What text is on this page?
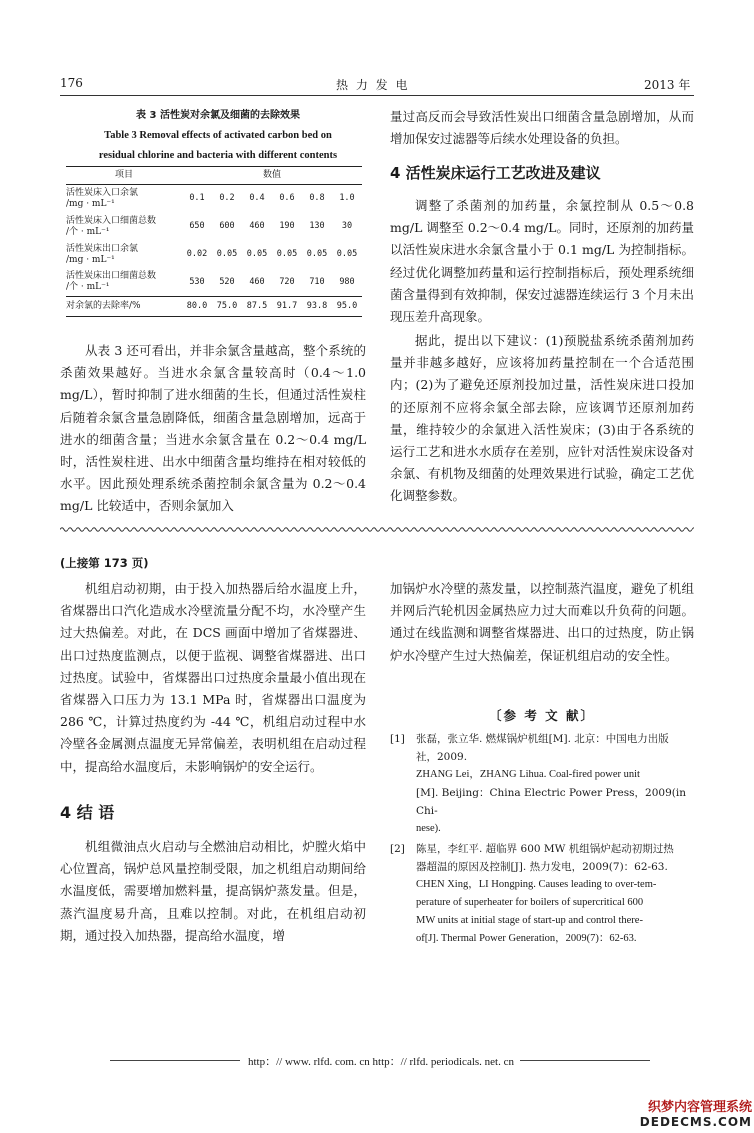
176	热 力 发 电	2013 年
表 3 活性炭对余氯及细菌的去除效果
Table 3 Removal effects of activated carbon bed on
residual chlorine and bacteria with different contents
项目	数值					

活性炭床入口余氯
/mg · mL⁻¹	0.1	0.2	0.4	0.6	0.8	1.0

活性炭床入口细菌总数
/个 · mL⁻¹	650	600	460	190	130	30

活性炭床出口余氯
/mg · mL⁻¹	0.02	0.05	0.05	0.05	0.05	0.05

活性炭床出口细菌总数
/个 · mL⁻¹	530	520	460	720	710	980

对余氯的去除率/%	80.0	75.0	87.5	91.7	93.8	95.0

从表 3 还可看出，并非余氯含量越高，整个系统的杀菌效果越好。当进水余氯含量较高时（0.4～1.0 mg/L），暂时抑制了进水细菌的生长，但通过活性炭柱后随着余氯含量急剧降低，细菌含量急剧增加，远高于进水的细菌含量；当进水余氯含量在 0.2～0.4 mg/L 时，活性炭柱进、出水中细菌含量均维持在相对较低的水平。因此预处理系统杀菌控制余氯含量为 0.2～0.4 mg/L 比较适中，否则余氯加入

量过高反而会导致活性炭出口细菌含量急剧增加，从而增加保安过滤器等后续水处理设备的负担。

4 活性炭床运行工艺改进及建议

调整了杀菌剂的加药量，余氯控制从 0.5～0.8 mg/L 调整至 0.2～0.4 mg/L。同时，还原剂的加药量以活性炭床进水余氯含量小于 0.1 mg/L 为控制指标。经过优化调整加药量和运行控制指标后，预处理系统细菌含量得到有效抑制，保安过滤器连续运行 3 个月未出现压差升高现象。

据此，提出以下建议：(1)预脱盐系统杀菌剂加药量并非越多越好，应该将加药量控制在一个合适范围内；(2)为了避免还原剂投加过量，活性炭床进口投加的还原剂不应将余氯全部去除，应该调节还原剂加药量，维持较少的余氯进入活性炭床；(3)由于各系统的运行工艺和进水水质存在差别，应针对活性炭床设备对余氯、有机物及细菌的处理效果进行试验，确定工艺优化调整参数。

(上接第 173 页)

机组启动初期，由于投入加热器后给水温度上升，省煤器出口汽化造成水冷壁流量分配不均，水冷壁产生过大热偏差。对此，在 DCS 画面中增加了省煤器进、出口过热度监测点，以便于监视、调整省煤器进、出口过热度。试验中，省煤器出口过热度余量最小值出现在省煤器入口压力为 13.1 MPa 时，省煤器出口温度为 286 ℃，计算过热度约为 -44 ℃，机组启动过程中水冷壁各金属测点温度无异常偏差，表明机组在启动过程中，提高给水温度后，未影响锅炉的安全运行。

4 结 语

机组微油点火启动与全燃油启动相比，炉膛火焰中心位置高，锅炉总风量控制受限，加之机组启动期间给水温度低，需要增加燃料量，提高锅炉蒸发量。但是，蒸汽温度易升高，且难以控制。对此，在机组启动初期，通过投入加热器，提高给水温度，增

加锅炉水冷壁的蒸发量，以控制蒸汽温度，避免了机组并网后汽轮机因金属热应力过大而难以升负荷的问题。通过在线监测和调整省煤器进、出口的过热度，防止锅炉水冷壁产生过大热偏差，保证机组启动的安全性。

〔参 考 文 献〕
[1] 张磊，张立华. 燃煤锅炉机组[M]. 北京：中国电力出版
社，2009.
ZHANG Lei，ZHANG Lihua. Coal-fired power unit
[M]. Beijing：China Electric Power Press，2009(in Chi-
nese).
[2] 陈星，李红平. 超临界 600 MW 机组锅炉起动初期过热
器超温的原因及控制[J]. 热力发电，2009(7)：62-63.
CHEN Xing，LI Hongping. Causes leading to over-tem-
perature of superheater for boilers of supercritical 600
MW units at initial stage of start-up and control there-
of[J]. Thermal Power Generation，2009(7)：62-63.
http：// www. rlfd. com. cn http：// rlfd. periodicals. net. cn
织梦内容管理系统
DEDECMS.COM
